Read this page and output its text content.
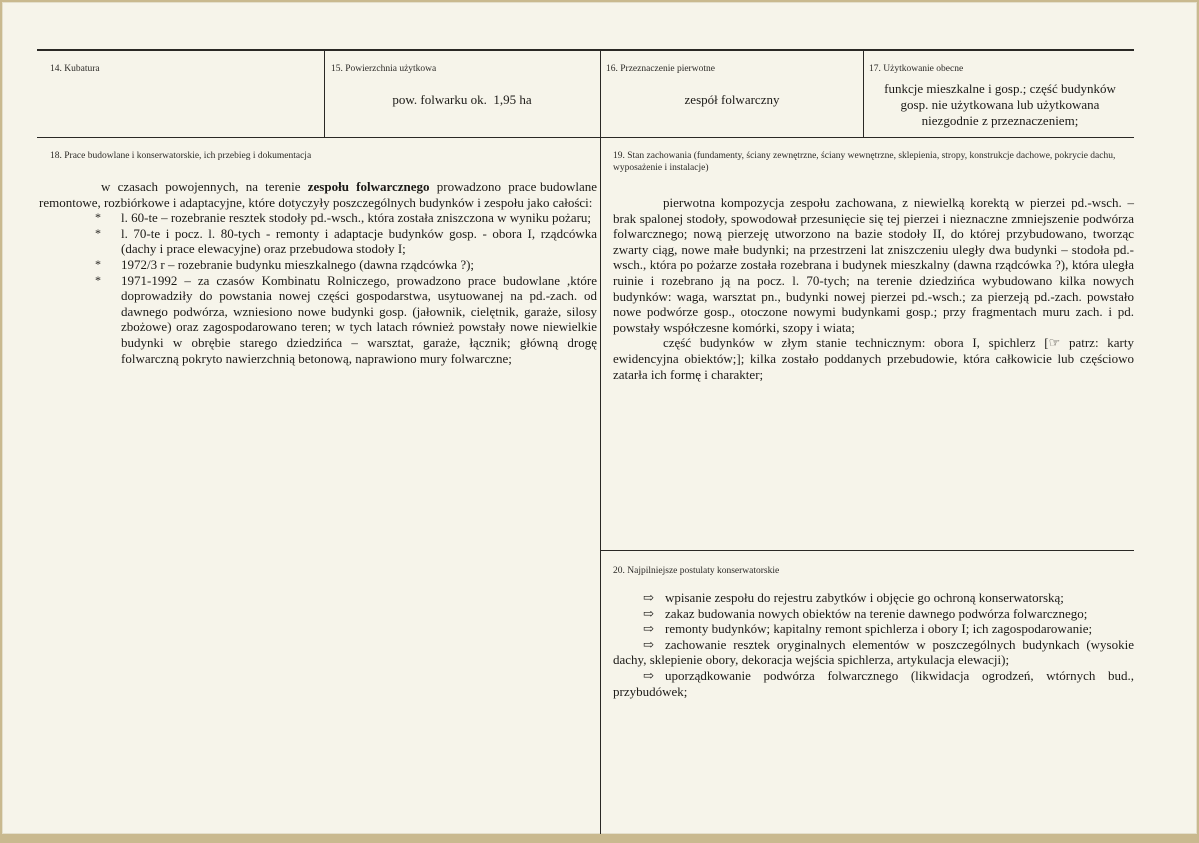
14. Kubatura	15. Powierzchnia użytkowa
pow. folwarku ok.  1,95 ha
16. Przeznaczenie pierwotne
zespół folwarczny
17. Użytkowanie obecne
funkcje mieszkalne i gosp.; część budynków gosp. nie użytkowana lub użytkowana niezgodnie z przeznaczeniem;
18. Prace budowlane i konserwatorskie, ich przebieg i dokumentacja

w  czasach  powojennych,  na  terenie  zespołu  folwarcznego  prowadzono  prace budowlane remontowe, rozbiórkowe i adaptacyjne, które dotyczyły poszczególnych budynków i zespołu jako całości:

* l. 60-te – rozebranie resztek stodoły pd.-wsch., która została zniszczona w wyniku pożaru;
* l. 70-te i pocz. l. 80-tych - remonty i adaptacje budynków gosp. - obora I, rządcówka (dachy i prace elewacyjne) oraz przebudowa stodoły I;
* 1972/3 r – rozebranie budynku mieszkalnego (dawna rządcówka ?);
* 1971-1992 – za czasów Kombinatu Rolniczego, prowadzono prace budowlane ,które doprowadziły do powstania nowej części gospodarstwa, usytuowanej na pd.-zach. od dawnego podwórza, wzniesiono nowe budynki gosp. (jałownik, cielętnik, garaże, silosy zbożowe) oraz zagospodarowano teren; w tych latach również powstały nowe niewielkie budynki w obrębie starego dziedzińca – warsztat, garaże, łącznik; główną drogę folwarczną pokryto nawierzchnią betonową, naprawiono mury folwarczne;
19. Stan zachowania (fundamenty, ściany zewnętrzne, ściany wewnętrzne, sklepienia, stropy, konstrukcje dachowe, pokrycie dachu, wyposażenie i instalacje)

pierwotna kompozycja zespołu zachowana, z niewielką korektą w pierzei pd.-wsch. – brak spalonej stodoły, spowodował przesunięcie się tej pierzei i nieznaczne zmniejszenie podwórza folwarcznego; nową pierzeję utworzono na bazie stodoły II, do której przybudowano, tworząc zwarty ciąg, nowe małe budynki; na przestrzeni lat zniszczeniu uległy dwa budynki – stodoła pd.-wsch., która po pożarze została rozebrana i budynek mieszkalny (dawna rządcówka ?), która uległa ruinie i rozebrano ją na pocz. l. 70-tych; na terenie dziedzińca wybudowano kilka nowych budynków: waga, warsztat pn., budynki nowej pierzei pd.-wsch.; za pierzeją pd.-zach. powstało nowe podwórze gosp., otoczone nowymi budynkami gosp.; przy fragmentach muru zach. i pd. powstały współczesne komórki, szopy i wiata;

część budynków w złym stanie technicznym: obora I, spichlerz [☞ patrz: karty ewidencyjna obiektów;]; kilka zostało poddanych przebudowie, która całkowicie lub częściowo zatarła ich formę i charakter;

20. Najpilniejsze postulaty konserwatorskie
⇨ wpisanie zespołu do rejestru zabytków i objęcie go ochroną konserwatorską;
⇨ zakaz budowania nowych obiektów na terenie dawnego podwórza folwarcznego;
⇨ remonty budynków; kapitalny remont spichlerza i obory I; ich zagospodarowanie;
⇨ zachowanie resztek oryginalnych elementów w poszczególnych budynkach (wysokie dachy, sklepienie obory, dekoracja wejścia spichlerza, artykulacja elewacji);
⇨ uporządkowanie podwórza folwarcznego (likwidacja ogrodzeń, wtórnych bud., przybudówek;
